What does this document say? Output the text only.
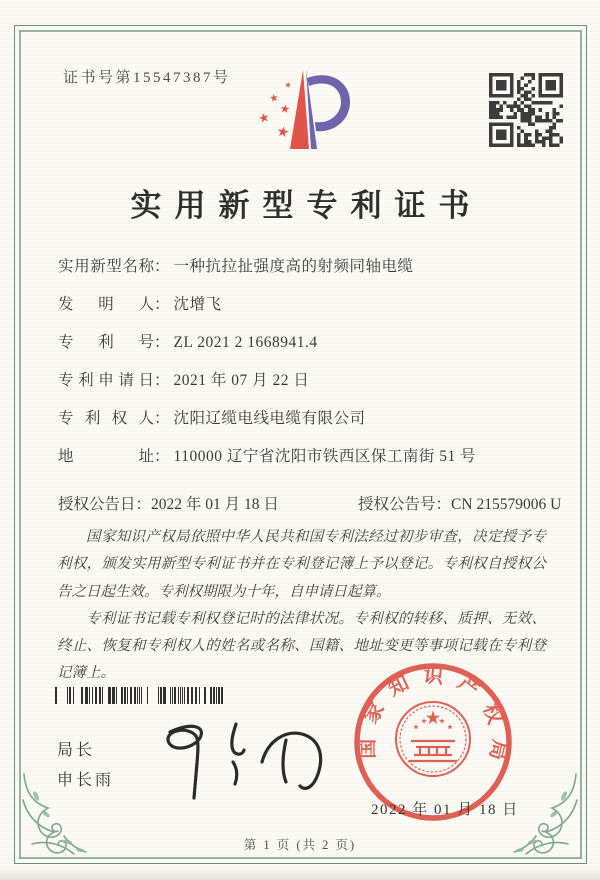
证书号第15547387号
实用新型专利证书
实用新型名称： 一种抗拉扯强度高的射频同轴电缆
发明人： 沈增飞
专利号： ZL 2021 2 1668941.4
专利申请日： 2021 年 07 月 22 日
专利权人： 沈阳辽缆电线电缆有限公司
地址： 110000 辽宁省沈阳市铁西区保工南街 51 号
授权公告日：2022 年 01 月 18 日	授权公告号：CN 215579006 U

国家知识产权局依照中华人民共和国专利法经过初步审查，决定授予专利权，颁发实用新型专利证书并在专利登记簿上予以登记。专利权自授权公告之日起生效。专利权期限为十年，自申请日起算。

专利证书记载专利权登记时的法律状况。专利权的转移、质押、无效、终止、恢复和专利权人的姓名或名称、国籍、地址变更等事项记载在专利登记簿上。

局长
申长雨
国家知识产权局
2022 年 01 月 18 日
第 1 页 (共 2 页)
